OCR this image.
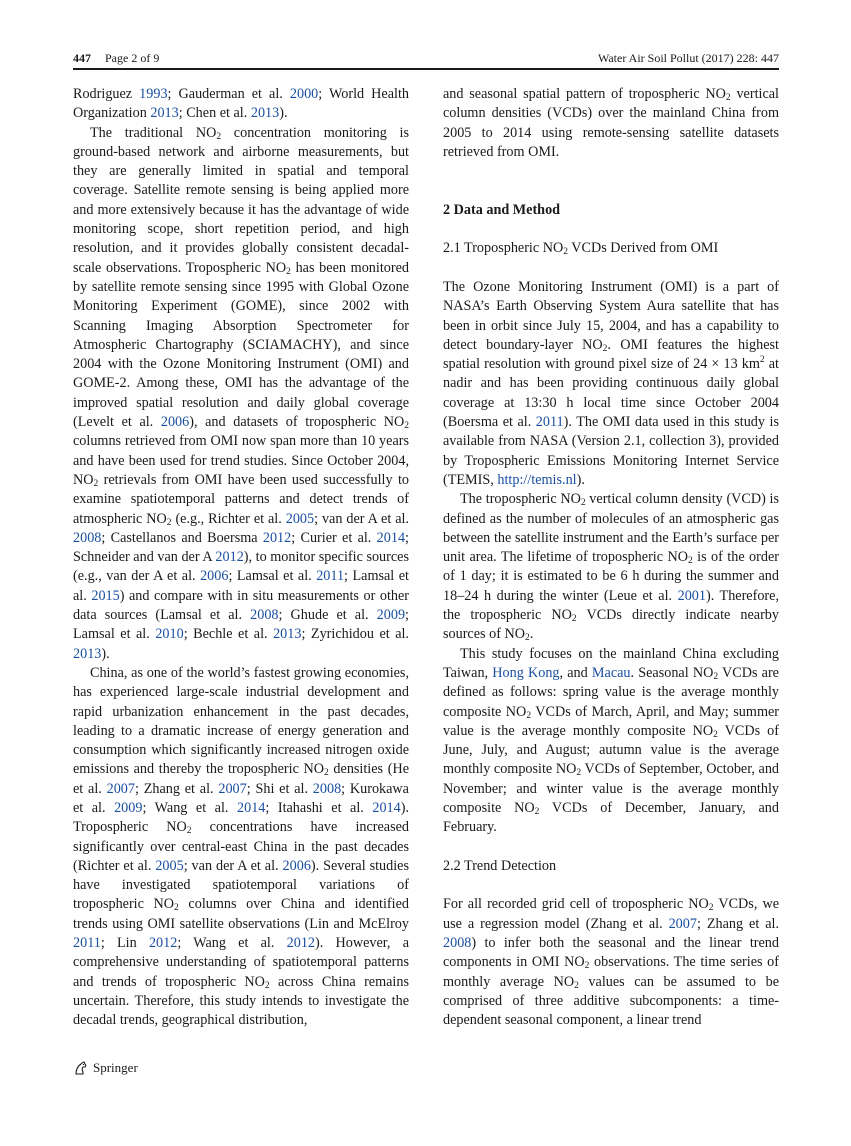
447 Page 2 of 9	Water Air Soil Pollut (2017) 228: 447

Rodriguez 1993; Gauderman et al. 2000; World Health Organization 2013; Chen et al. 2013).

The traditional $NO_2$ concentration monitoring is ground-based network and airborne measurements, but they are generally limited in spatial and temporal coverage. Satellite remote sensing is being applied more and more extensively because it has the advantage of wide monitoring scope, short repetition period, and high resolution, and it provides globally consistent decadal-scale observations. Tropospheric $NO_2$ has been monitored by satellite remote sensing since 1995 with Global Ozone Monitoring Experiment (GOME), since 2002 with Scanning Imaging Absorption Spectrometer for Atmospheric Chartography (SCIAMACHY), and since 2004 with the Ozone Monitoring Instrument (OMI) and GOME-2. Among these, OMI has the advantage of the improved spatial resolution and daily global coverage (Levelt et al. 2006), and datasets of tropospheric $NO_2$ columns retrieved from OMI now span more than 10 years and have been used for trend studies. Since October 2004, $NO_2$ retrievals from OMI have been used successfully to examine spatiotemporal patterns and detect trends of atmospheric $NO_2$ (e.g., Richter et al. 2005; van der A et al. 2008; Castellanos and Boersma 2012; Curier et al. 2014; Schneider and van der A 2012), to monitor specific sources (e.g., van der A et al. 2006; Lamsal et al. 2011; Lamsal et al. 2015) and compare with in situ measurements or other data sources (Lamsal et al. 2008; Ghude et al. 2009; Lamsal et al. 2010; Bechle et al. 2013; Zyrichidou et al. 2013).

China, as one of the world’s fastest growing economies, has experienced large-scale industrial development and rapid urbanization enhancement in the past decades, leading to a dramatic increase of energy generation and consumption which significantly increased nitrogen oxide emissions and thereby the tropospheric $NO_2$ densities (He et al. 2007; Zhang et al. 2007; Shi et al. 2008; Kurokawa et al. 2009; Wang et al. 2014; Itahashi et al. 2014). Tropospheric $NO_2$ concentrations have increased significantly over central-east China in the past decades (Richter et al. 2005; van der A et al. 2006). Several studies have investigated spatiotemporal variations of tropospheric $NO_2$ columns over China and identified trends using OMI satellite observations (Lin and McElroy 2011; Lin 2012; Wang et al. 2012). However, a comprehensive understanding of spatiotemporal patterns and trends of tropospheric $NO_2$ across China remains uncertain. Therefore, this study intends to investigate the decadal trends, geographical distribution,

and seasonal spatial pattern of tropospheric $NO_2$ vertical column densities (VCDs) over the mainland China from 2005 to 2014 using remote-sensing satellite datasets retrieved from OMI.

2 Data and Method
2.1 Tropospheric $NO_2$ VCDs Derived from OMI

The Ozone Monitoring Instrument (OMI) is a part of NASA’s Earth Observing System Aura satellite that has been in orbit since July 15, 2004, and has a capability to detect boundary-layer $NO_2$. OMI features the highest spatial resolution with ground pixel size of 24 × 13 $km^2$ at nadir and has been providing continuous daily global coverage at 13:30 h local time since October 2004 (Boersma et al. 2011). The OMI data used in this study is available from NASA (Version 2.1, collection 3), provided by Tropospheric Emissions Monitoring Internet Service (TEMIS, http://temis.nl).

The tropospheric $NO_2$ vertical column density (VCD) is defined as the number of molecules of an atmospheric gas between the satellite instrument and the Earth’s surface per unit area. The lifetime of tropospheric $NO_2$ is of the order of 1 day; it is estimated to be 6 h during the summer and 18–24 h during the winter (Leue et al. 2001). Therefore, the tropospheric $NO_2$ VCDs directly indicate nearby sources of $NO_2$.

This study focuses on the mainland China excluding Taiwan, Hong Kong, and Macau. Seasonal $NO_2$ VCDs are defined as follows: spring value is the average monthly composite $NO_2$ VCDs of March, April, and May; summer value is the average monthly composite $NO_2$ VCDs of June, July, and August; autumn value is the average monthly composite $NO_2$ VCDs of September, October, and November; and winter value is the average monthly composite $NO_2$ VCDs of December, January, and February.

2.2 Trend Detection

For all recorded grid cell of tropospheric $NO_2$ VCDs, we use a regression model (Zhang et al. 2007; Zhang et al. 2008) to infer both the seasonal and the linear trend components in OMI $NO_2$ observations. The time series of monthly average $NO_2$ values can be assumed to be comprised of three additive subcomponents: a time-dependent seasonal component, a linear trend

Springer
